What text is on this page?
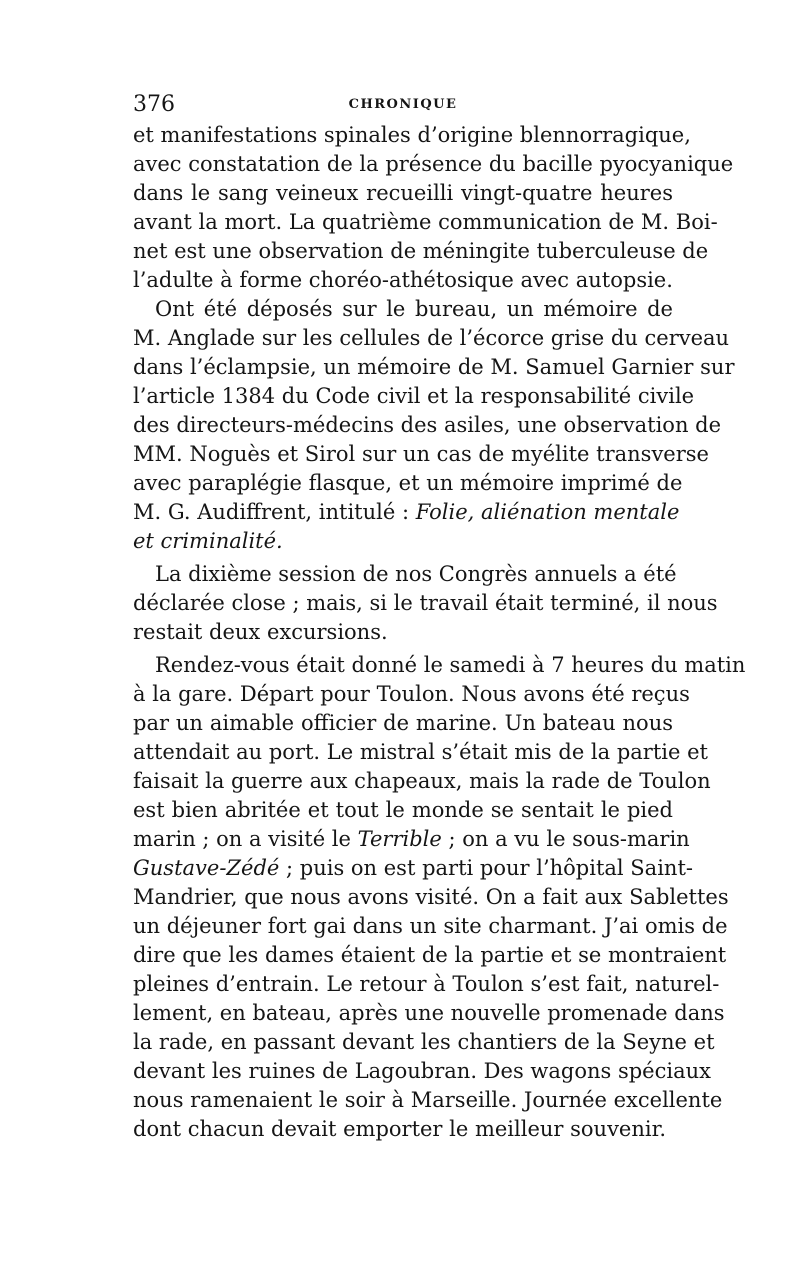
376	CHRONIQUE
et manifestations spinales d’origine blennorragique,
avec constatation de la présence du bacille pyocyanique
dans le sang veineux recueilli vingt-quatre heures
avant la mort. La quatrième communication de M. Boi-
net est une observation de méningite tuberculeuse de
l’adulte à forme choréo-athétosique avec autopsie.
Ont été déposés sur le bureau, un mémoire de
M. Anglade sur les cellules de l’écorce grise du cerveau
dans l’éclampsie, un mémoire de M. Samuel Garnier sur
l’article 1384 du Code civil et la responsabilité civile
des directeurs-médecins des asiles, une observation de
MM. Noguès et Sirol sur un cas de myélite transverse
avec paraplégie flasque, et un mémoire imprimé de
M. G. Audiffrent, intitulé : Folie, aliénation mentale
et criminalité.
La dixième session de nos Congrès annuels a été
déclarée close ; mais, si le travail était terminé, il nous
restait deux excursions.
Rendez-vous était donné le samedi à 7 heures du matin
à la gare. Départ pour Toulon. Nous avons été reçus
par un aimable officier de marine. Un bateau nous
attendait au port. Le mistral s’était mis de la partie et
faisait la guerre aux chapeaux, mais la rade de Toulon
est bien abritée et tout le monde se sentait le pied
marin ; on a visité le Terrible ; on a vu le sous-marin
Gustave-Zédé ; puis on est parti pour l’hôpital Saint-
Mandrier, que nous avons visité. On a fait aux Sablettes
un déjeuner fort gai dans un site charmant. J’ai omis de
dire que les dames étaient de la partie et se montraient
pleines d’entrain. Le retour à Toulon s’est fait, naturel-
lement, en bateau, après une nouvelle promenade dans
la rade, en passant devant les chantiers de la Seyne et
devant les ruines de Lagoubran. Des wagons spéciaux
nous ramenaient le soir à Marseille. Journée excellente
dont chacun devait emporter le meilleur souvenir.
